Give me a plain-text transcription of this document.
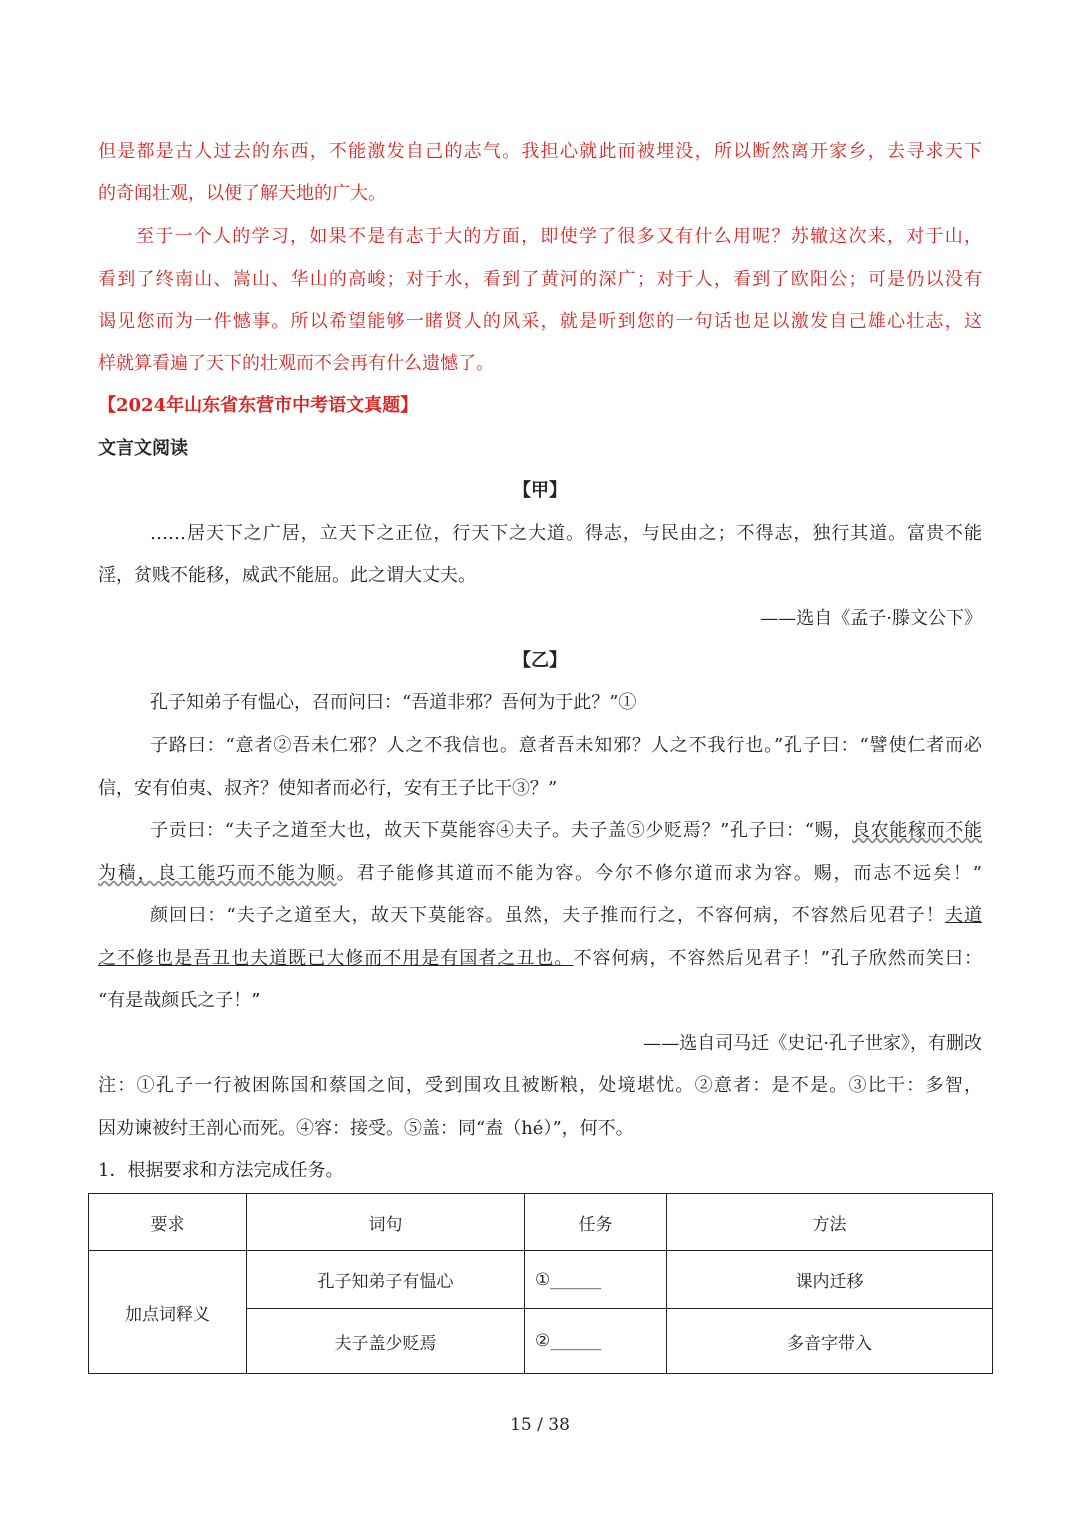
但是都是古人过去的东西，不能激发自己的志气。我担心就此而被埋没，所以断然离开家乡，去寻求天下
的奇闻壮观，以便了解天地的广大。
至于一个人的学习，如果不是有志于大的方面，即使学了很多又有什么用呢？苏辙这次来，对于山，
看到了终南山、嵩山、华山的高峻；对于水，看到了黄河的深广；对于人，看到了欧阳公；可是仍以没有
谒见您而为一件憾事。所以希望能够一睹贤人的风采，就是听到您的一句话也足以激发自己雄心壮志，这
样就算看遍了天下的壮观而不会再有什么遗憾了。
【2024年山东省东营市中考语文真题】
文言文阅读
【甲】
……居天下之广居，立天下之正位，行天下之大道。得志，与民由之；不得志，独行其道。富贵不能
淫，贫贱不能移，威武不能屈。此之谓大丈夫。
——选自《孟子·滕文公下》
【乙】
孔子知弟子有愠心，召而问曰：“吾道非邪？吾何为于此？”①
子路曰：“意者②吾未仁邪？人之不我信也。意者吾未知邪？人之不我行也。”孔子曰：“譬使仁者而必
信，安有伯夷、叔齐？使知者而必行，安有王子比干③？”
子贡曰：“夫子之道至大也，故天下莫能容④夫子。夫子盖⑤少贬焉？”孔子曰：“赐，良农能稼而不能
为穑，良工能巧而不能为顺。君子能修其道而不能为容。今尔不修尔道而求为容。赐，而志不远矣！”
颜回曰：“夫子之道至大，故天下莫能容。虽然，夫子推而行之，不容何病，不容然后见君子！夫道
之不修也是吾丑也夫道既已大修而不用是有国者之丑也。不容何病，不容然后见君子！”孔子欣然而笑曰：
“有是哉颜氏之子！”
——选自司马迁《史记·孔子世家》，有删改
注：①孔子一行被困陈国和蔡国之间，受到围攻且被断粮，处境堪忧。②意者：是不是。③比干：多智，
因劝谏被纣王剖心而死。④容：接受。⑤盖：同“盍（hé）”，何不。
1．根据要求和方法完成任务。
要求	词句	任务	方法
加点词释义	孔子知弟子有愠心	①______	课内迁移
	夫子盖少贬焉	②______	多音字带入
15 / 38
